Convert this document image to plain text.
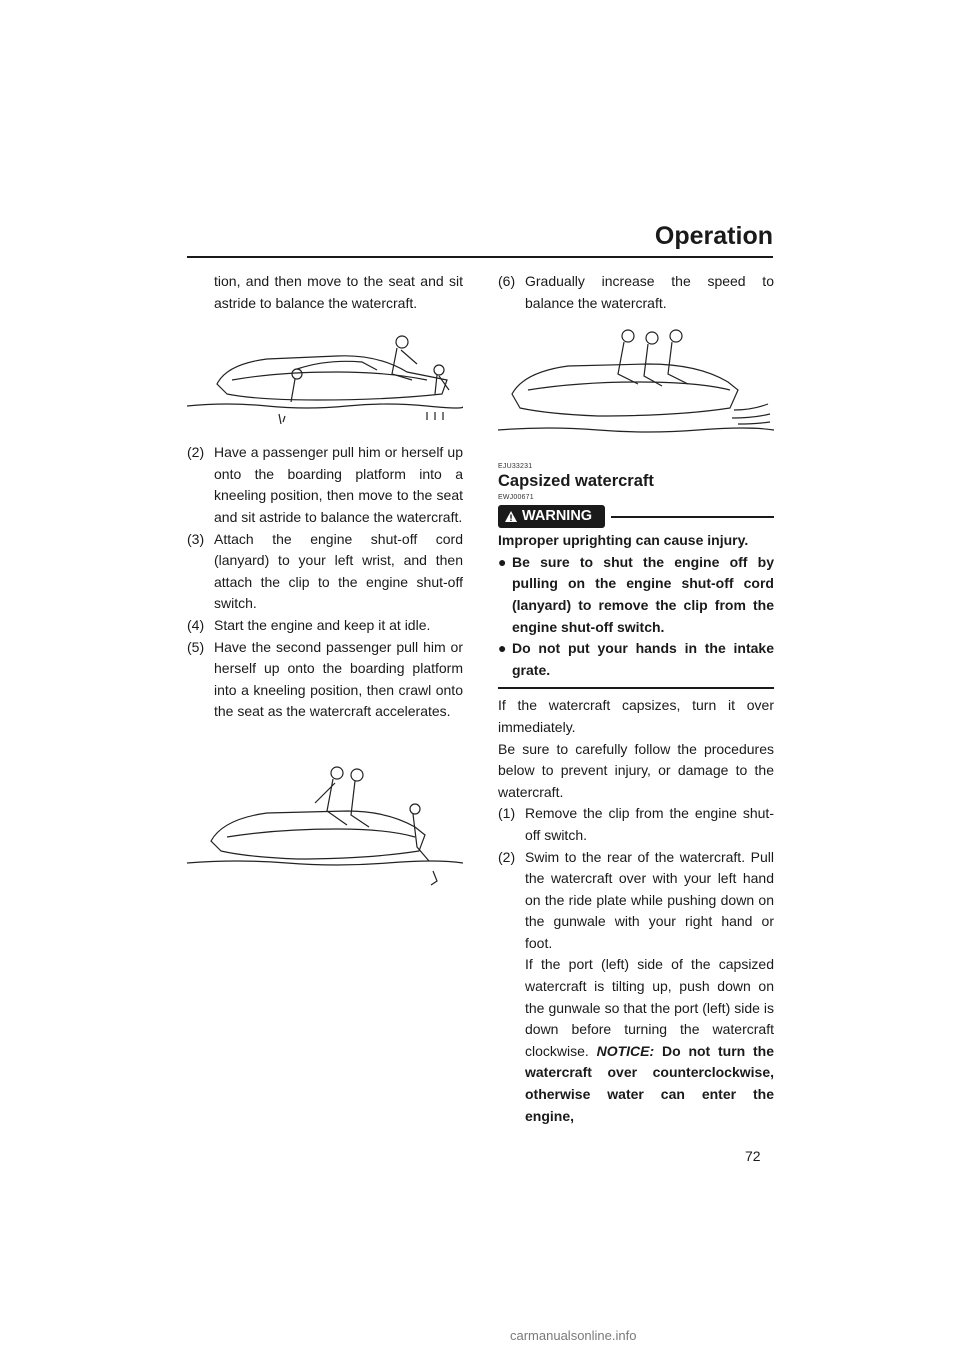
Operation
72

tion, and then move to the seat and sit astride to balance the watercraft.

(2) Have a passenger pull him or herself up onto the boarding platform into a kneeling position, then move to the seat and sit astride to balance the watercraft.
(3) Attach the engine shut-off cord (lanyard) to your left wrist, and then attach the clip to the engine shut-off switch.
(4) Start the engine and keep it at idle.
(5) Have the second passenger pull him or herself up onto the boarding platform into a kneeling position, then crawl onto the seat as the watercraft accelerates.
(6) Gradually increase the speed to balance the watercraft.
EJU33231
Capsized watercraft
EWJ00671
WARNING

Improper uprighting can cause injury.

● Be sure to shut the engine off by pulling on the engine shut-off cord (lanyard) to remove the clip from the engine shut-off switch.
● Do not put your hands in the intake grate.

If the watercraft capsizes, turn it over immediately.

Be sure to carefully follow the procedures below to prevent injury, or damage to the watercraft.

(1) Remove the clip from the engine shut-off switch.
(2) Swim to the rear of the watercraft. Pull the watercraft over with your left hand on the ride plate while pushing down on the gunwale with your right hand or foot.

If the port (left) side of the capsized watercraft is tilting up, push down on the gunwale so that the port (left) side is down before turning the watercraft clockwise. NOTICE: Do not turn the watercraft over counterclockwise, otherwise water can enter the engine,

carmanualsonline.info
